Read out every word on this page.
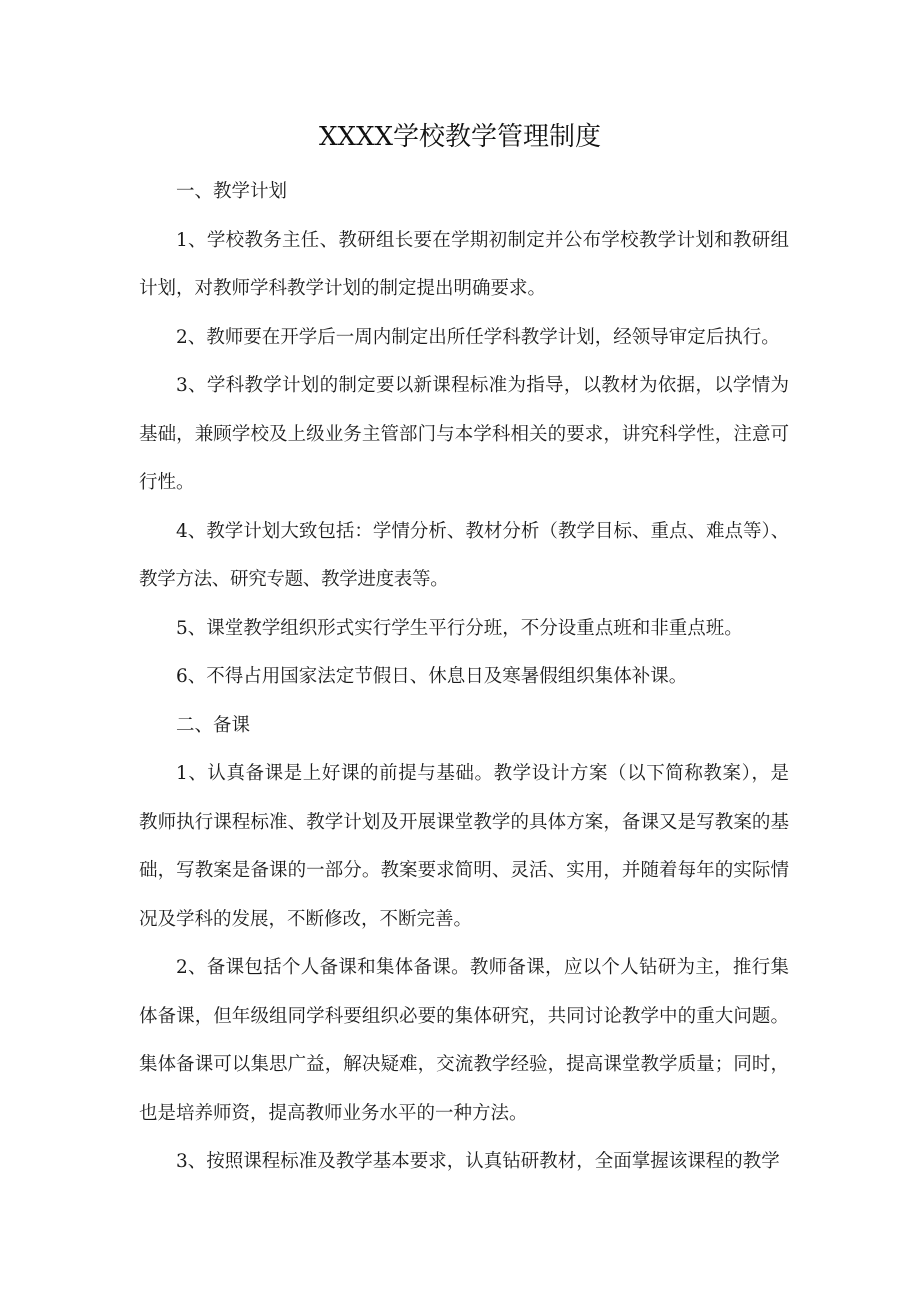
XXXX学校教学管理制度

一、教学计划

1、学校教务主任、教研组长要在学期初制定并公布学校教学计划和教研组计划，对教师学科教学计划的制定提出明确要求。

2、教师要在开学后一周内制定出所任学科教学计划，经领导审定后执行。

3、学科教学计划的制定要以新课程标准为指导，以教材为依据，以学情为基础，兼顾学校及上级业务主管部门与本学科相关的要求，讲究科学性，注意可行性。

4、教学计划大致包括：学情分析、教材分析（教学目标、重点、难点等）、教学方法、研究专题、教学进度表等。

5、课堂教学组织形式实行学生平行分班，不分设重点班和非重点班。

6、不得占用国家法定节假日、休息日及寒暑假组织集体补课。

二、备课

1、认真备课是上好课的前提与基础。教学设计方案（以下简称教案），是教师执行课程标准、教学计划及开展课堂教学的具体方案，备课又是写教案的基础，写教案是备课的一部分。教案要求简明、灵活、实用，并随着每年的实际情况及学科的发展，不断修改，不断完善。

2、备课包括个人备课和集体备课。教师备课，应以个人钻研为主，推行集体备课，但年级组同学科要组织必要的集体研究，共同讨论教学中的重大问题。集体备课可以集思广益，解决疑难，交流教学经验，提高课堂教学质量；同时，也是培养师资，提高教师业务水平的一种方法。

3、按照课程标准及教学基本要求，认真钻研教材，全面掌握该课程的教学
